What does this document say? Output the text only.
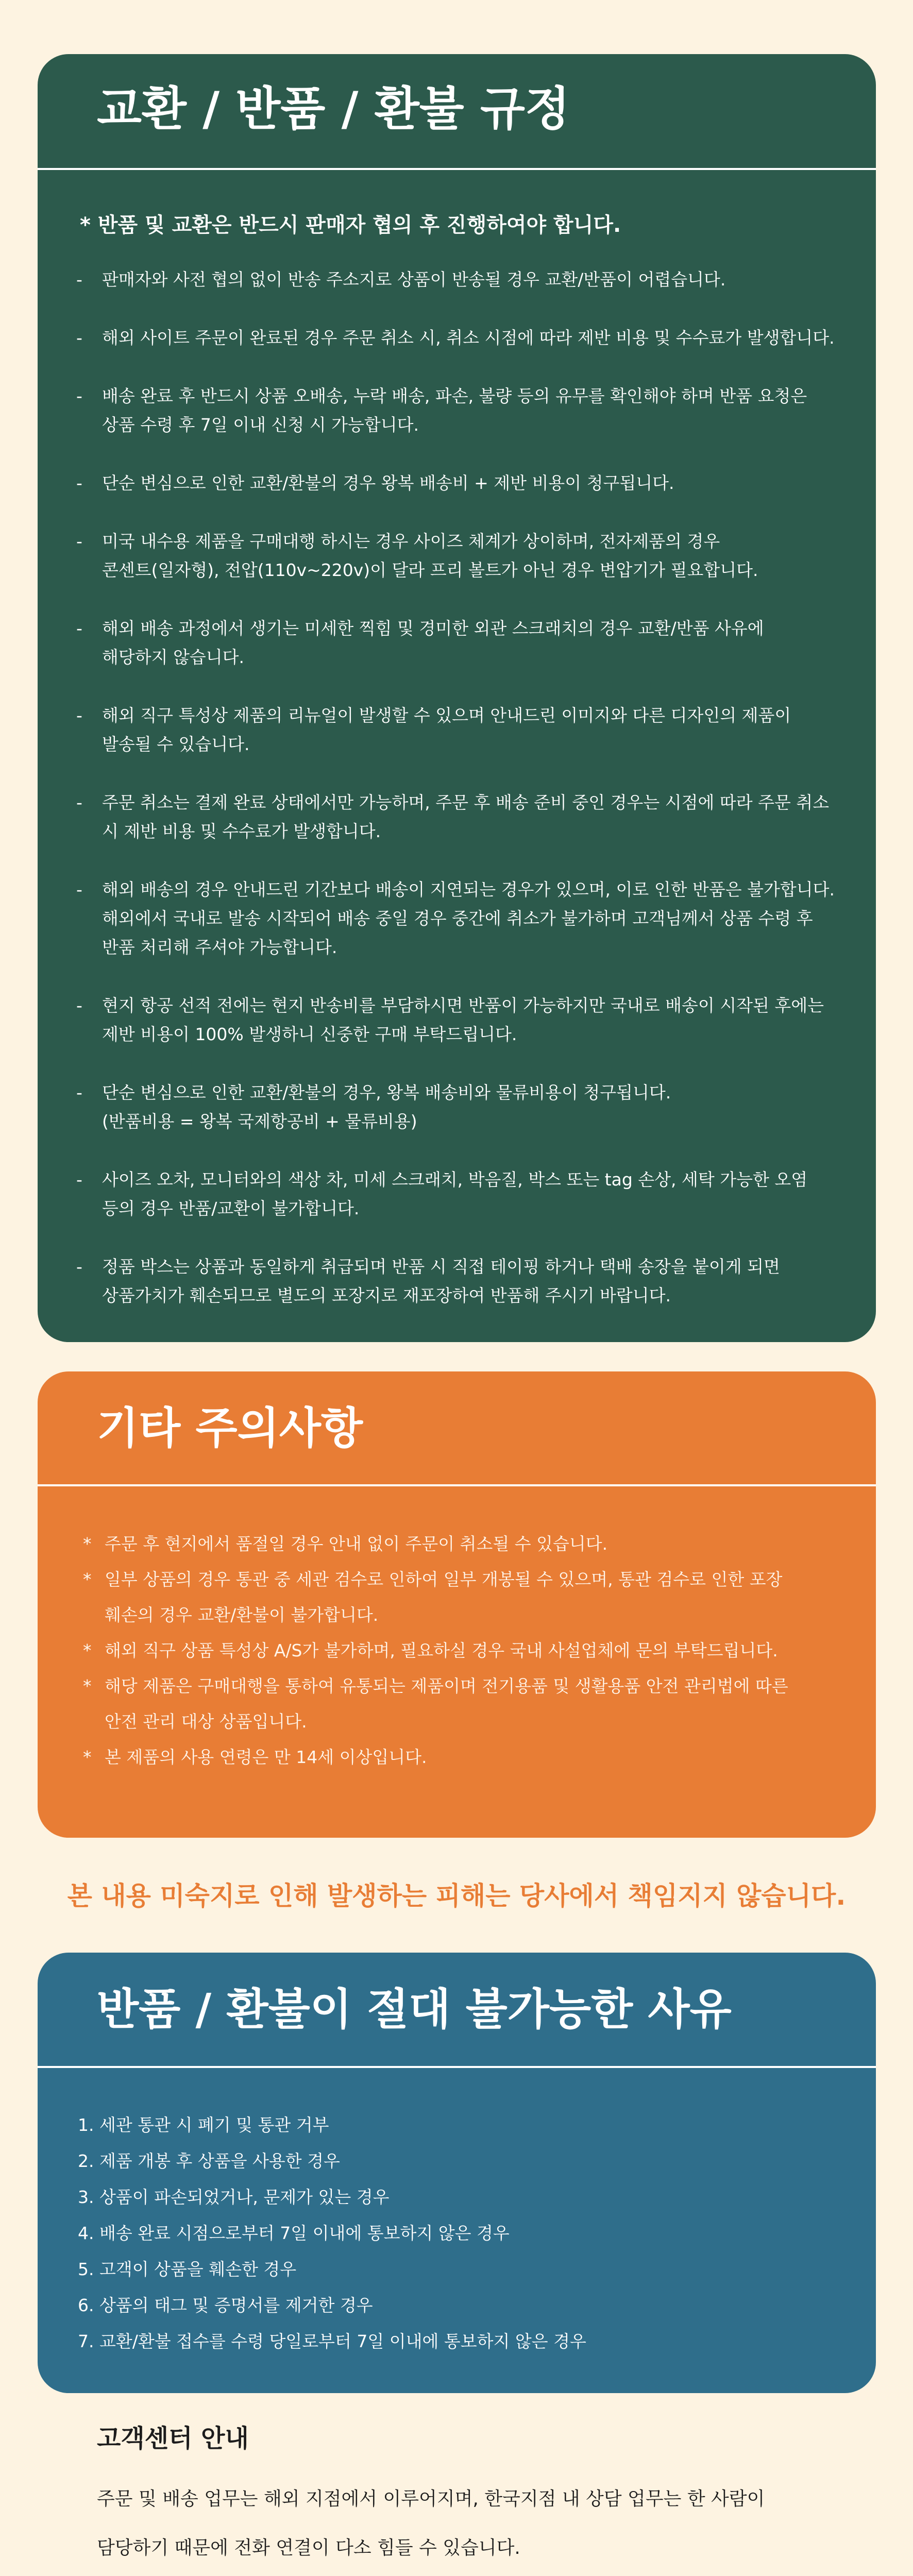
교환 / 반품 / 환불 규정

* 반품 및 교환은 반드시 판매자 협의 후 진행하여야 합니다.

- 판매자와 사전 협의 없이 반송 주소지로 상품이 반송될 경우 교환/반품이 어렵습니다.
- 해외 사이트 주문이 완료된 경우 주문 취소 시, 취소 시점에 따라 제반 비용 및 수수료가 발생합니다.
- 배송 완료 후 반드시 상품 오배송, 누락 배송, 파손, 불량 등의 유무를 확인해야 하며 반품 요청은
상품 수령 후 7일 이내 신청 시 가능합니다.
- 단순 변심으로 인한 교환/환불의 경우 왕복 배송비 + 제반 비용이 청구됩니다.
- 미국 내수용 제품을 구매대행 하시는 경우 사이즈 체계가 상이하며, 전자제품의 경우
콘센트(일자형), 전압(110v~220v)이 달라 프리 볼트가 아닌 경우 변압기가 필요합니다.
- 해외 배송 과정에서 생기는 미세한 찍힘 및 경미한 외관 스크래치의 경우 교환/반품 사유에
해당하지 않습니다.
- 해외 직구 특성상 제품의 리뉴얼이 발생할 수 있으며 안내드린 이미지와 다른 디자인의 제품이
발송될 수 있습니다.
- 주문 취소는 결제 완료 상태에서만 가능하며, 주문 후 배송 준비 중인 경우는 시점에 따라 주문 취소
시 제반 비용 및 수수료가 발생합니다.
- 해외 배송의 경우 안내드린 기간보다 배송이 지연되는 경우가 있으며, 이로 인한 반품은 불가합니다.
해외에서 국내로 발송 시작되어 배송 중일 경우 중간에 취소가 불가하며 고객님께서 상품 수령 후
반품 처리해 주셔야 가능합니다.
- 현지 항공 선적 전에는 현지 반송비를 부담하시면 반품이 가능하지만 국내로 배송이 시작된 후에는
제반 비용이 100% 발생하니 신중한 구매 부탁드립니다.
- 단순 변심으로 인한 교환/환불의 경우, 왕복 배송비와 물류비용이 청구됩니다.
(반품비용 = 왕복 국제항공비 + 물류비용)
- 사이즈 오차, 모니터와의 색상 차, 미세 스크래치, 박음질, 박스 또는 tag 손상, 세탁 가능한 오염
등의 경우 반품/교환이 불가합니다.
- 정품 박스는 상품과 동일하게 취급되며 반품 시 직접 테이핑 하거나 택배 송장을 붙이게 되면
상품가치가 훼손되므로 별도의 포장지로 재포장하여 반품해 주시기 바랍니다.
기타 주의사항
* 주문 후 현지에서 품절일 경우 안내 없이 주문이 취소될 수 있습니다.
* 일부 상품의 경우 통관 중 세관 검수로 인하여 일부 개봉될 수 있으며, 통관 검수로 인한 포장
훼손의 경우 교환/환불이 불가합니다.
* 해외 직구 상품 특성상 A/S가 불가하며, 필요하실 경우 국내 사설업체에 문의 부탁드립니다.
* 해당 제품은 구매대행을 통하여 유통되는 제품이며 전기용품 및 생활용품 안전 관리법에 따른
안전 관리 대상 상품입니다.
* 본 제품의 사용 연령은 만 14세 이상입니다.

본 내용 미숙지로 인해 발생하는 피해는 당사에서 책임지지 않습니다.

반품 / 환불이 절대 불가능한 사유
1. 세관 통관 시 폐기 및 통관 거부
2. 제품 개봉 후 상품을 사용한 경우
3. 상품이 파손되었거나, 문제가 있는 경우
4. 배송 완료 시점으로부터 7일 이내에 통보하지 않은 경우
5. 고객이 상품을 훼손한 경우
6. 상품의 태그 및 증명서를 제거한 경우
7. 교환/환불 접수를 수령 당일로부터 7일 이내에 통보하지 않은 경우
고객센터 안내

주문 및 배송 업무는 해외 지점에서 이루어지며, 한국지점 내 상담 업무는 한 사람이
담당하기 때문에 전화 연결이 다소 힘들 수 있습니다.
